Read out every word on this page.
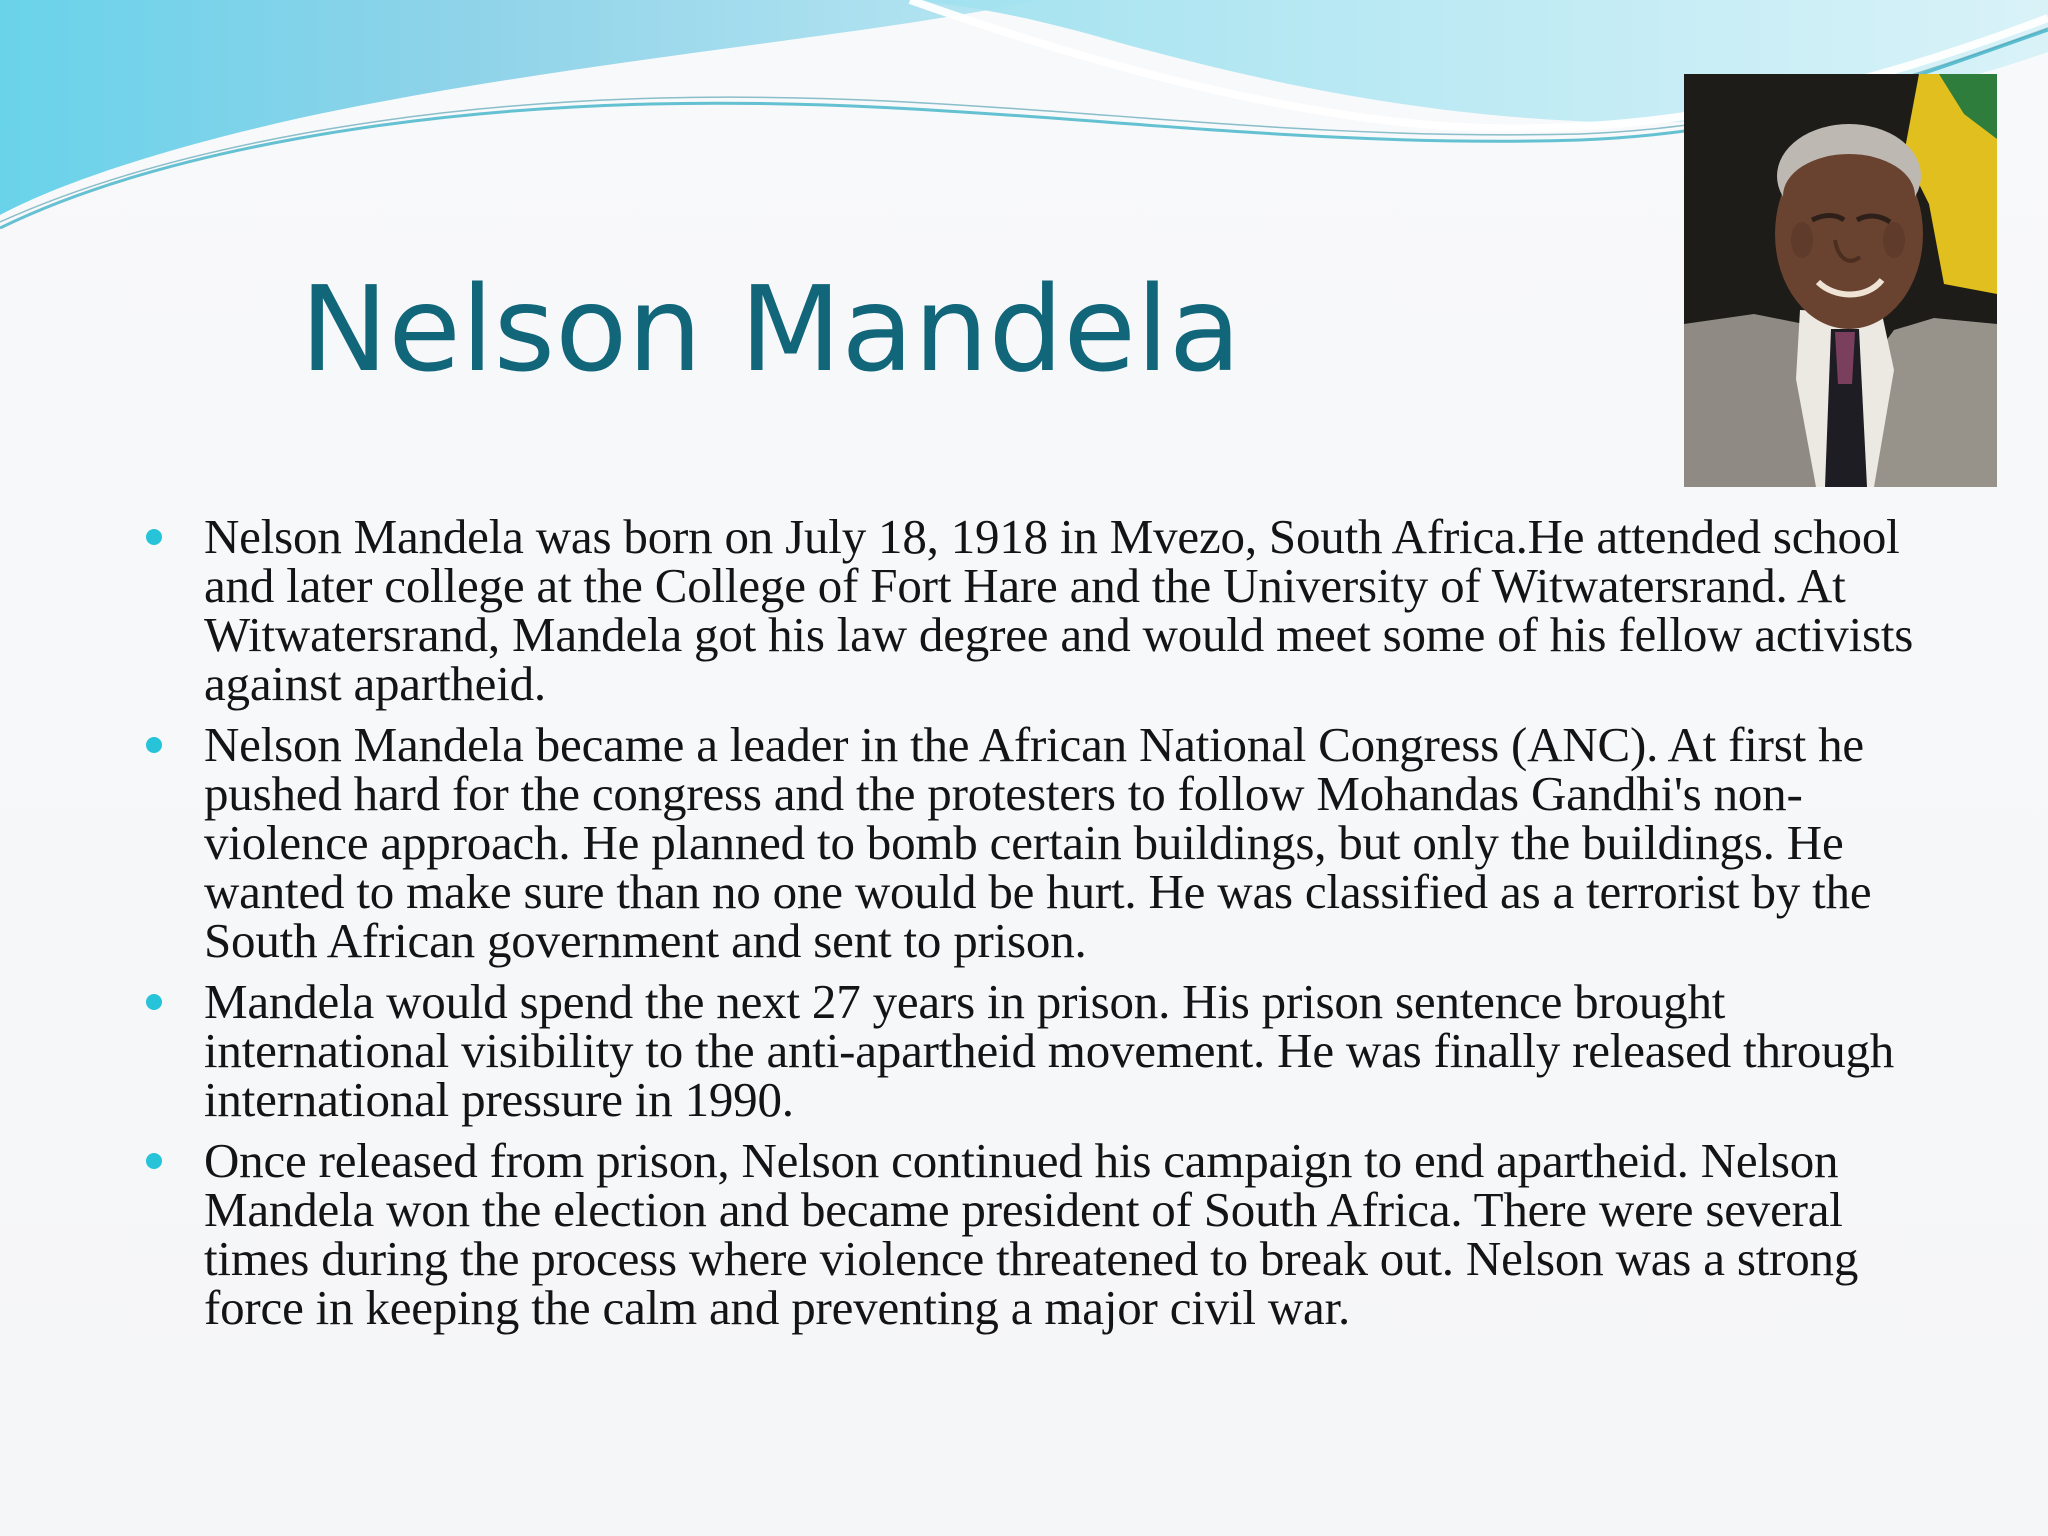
Nelson Mandela
Nelson Mandela was born on July 18, 1918 in Mvezo, South Africa.He attended school and later college at the College of Fort Hare and the University of Witwatersrand. At Witwatersrand, Mandela got his law degree and would meet some of his fellow activists against apartheid.
Nelson Mandela became a leader in the African National Congress (ANC). At first he pushed hard for the congress and the protesters to follow Mohandas Gandhi's non-violence approach. He planned to bomb certain buildings, but only the buildings. He wanted to make sure than no one would be hurt. He was classified as a terrorist by the South African government and sent to prison.
Mandela would spend the next 27 years in prison. His prison sentence brought international visibility to the anti-apartheid movement. He was finally released through international pressure in 1990.
Once released from prison, Nelson continued his campaign to end apartheid. Nelson Mandela won the election and became president of South Africa. There were several times during the process where violence threatened to break out. Nelson was a strong force in keeping the calm and preventing a major civil war.
